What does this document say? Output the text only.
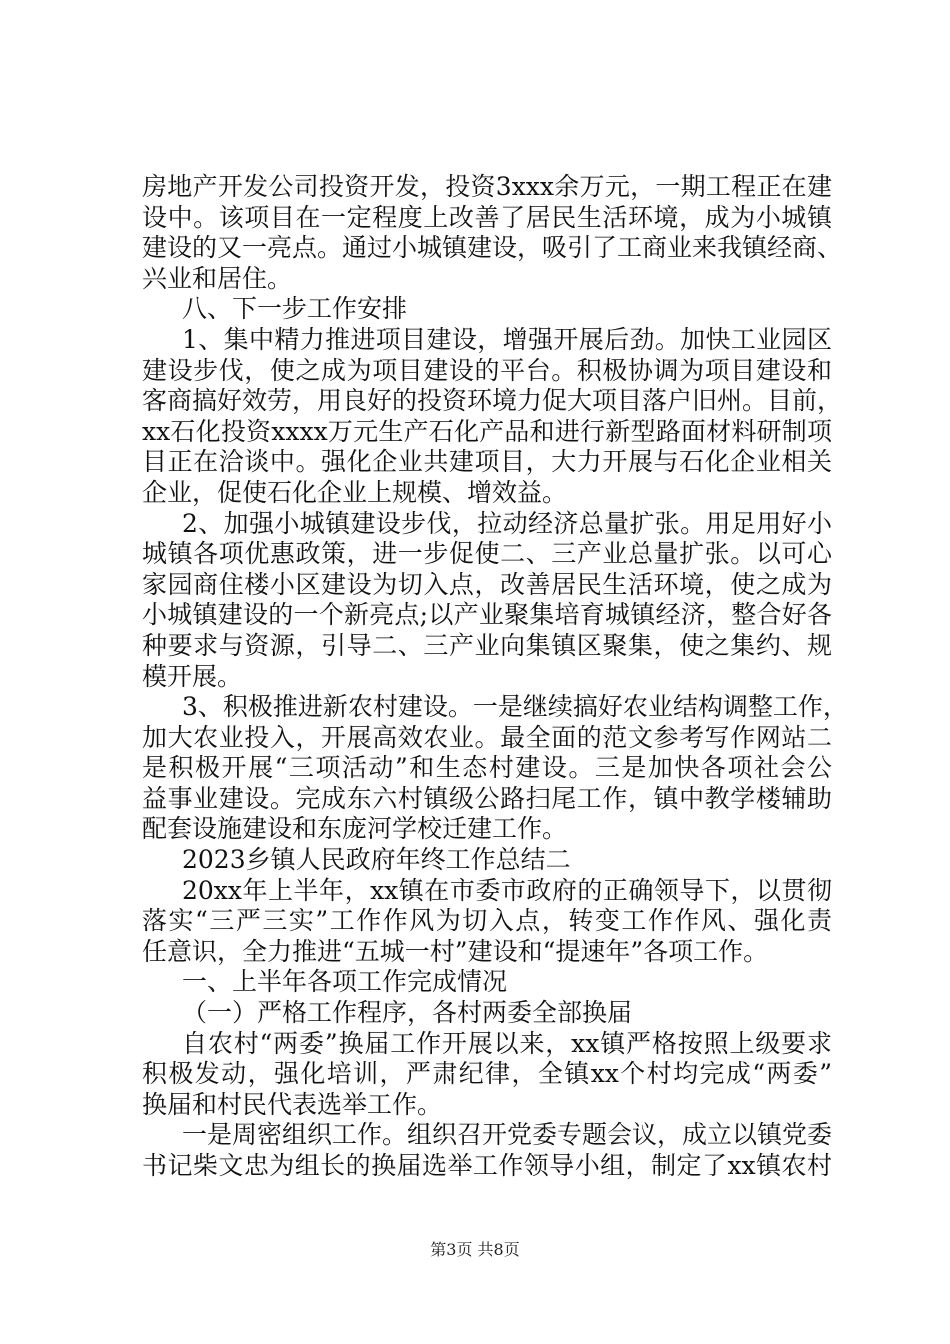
房地产开发公司投资开发，投资3xxx余万元，一期工程正在建
设中。该项目在一定程度上改善了居民生活环境，成为小城镇
建设的又一亮点。通过小城镇建设，吸引了工商业来我镇经商、
兴业和居住。
八、下一步工作安排
1、集中精力推进项目建设，增强开展后劲。加快工业园区
建设步伐，使之成为项目建设的平台。积极协调为项目建设和
客商搞好效劳，用良好的投资环境力促大项目落户旧州。目前，
xx石化投资xxxx万元生产石化产品和进行新型路面材料研制项
目正在洽谈中。强化企业共建项目，大力开展与石化企业相关
企业，促使石化企业上规模、增效益。
2、加强小城镇建设步伐，拉动经济总量扩张。用足用好小
城镇各项优惠政策，进一步促使二、三产业总量扩张。以可心
家园商住楼小区建设为切入点，改善居民生活环境，使之成为
小城镇建设的一个新亮点;以产业聚集培育城镇经济，整合好各
种要求与资源，引导二、三产业向集镇区聚集，使之集约、规
模开展。
3、积极推进新农村建设。一是继续搞好农业结构调整工作，
加大农业投入，开展高效农业。最全面的范文参考写作网站二
是积极开展“三项活动”和生态村建设。三是加快各项社会公
益事业建设。完成东六村镇级公路扫尾工作，镇中教学楼辅助
配套设施建设和东庞河学校迁建工作。
2023乡镇人民政府年终工作总结二
20xx年上半年，xx镇在市委市政府的正确领导下，以贯彻
落实“三严三实”工作作风为切入点，转变工作作风、强化责
任意识，全力推进“五城一村”建设和“提速年”各项工作。
一、上半年各项工作完成情况
（一）严格工作程序，各村两委全部换届
自农村“两委”换届工作开展以来，xx镇严格按照上级要求
积极发动，强化培训，严肃纪律，全镇xx个村均完成“两委”
换届和村民代表选举工作。
一是周密组织工作。组织召开党委专题会议，成立以镇党委
书记柴文忠为组长的换届选举工作领导小组，制定了xx镇农村
第3页 共8页
